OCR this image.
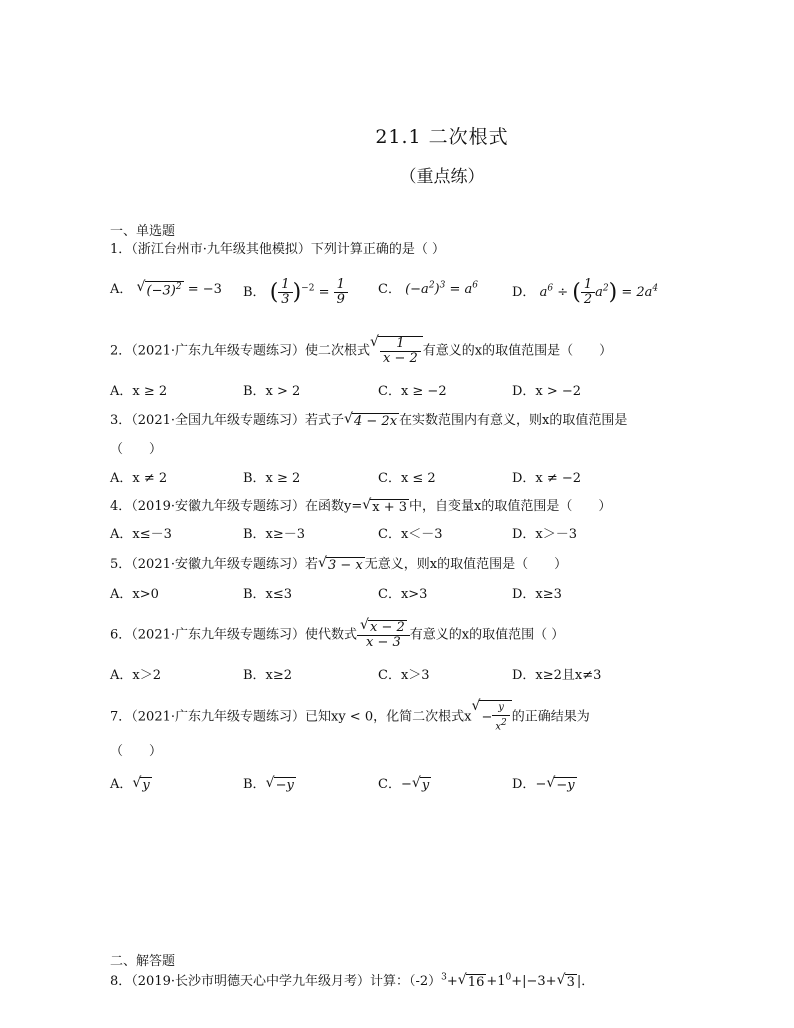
21.1 二次根式
（重点练）
一、单选题
1．（浙江台州市·九年级其他模拟）下列计算正确的是（ ）
A． √ $(-3)^2 = -3$ B． ( $\frac{1}{3} )^{-2} = \frac{1}{9}$ C． $(-a^2)^3 = a^6$	D． $a^6$ ÷ ( $\frac{1}{2} a^2) = 2a^4$
2．（2021·广东九年级专题练习）使二次根式
√ $\frac{1}{x - 2}$ 有意义的x的取值范围是（　　）
A．x ≥ 2	B．x > 2	C．x ≥ −2	D．x > −2
3．（2021·全国九年级专题练习）若式子 √ 4 − 2x 在实数范围内有意义，则x的取值范围是
（　　）
A．x ≠ 2	B．x ≥ 2	C．x ≤ 2	D．x ≠ −2
4．（2019·安徽九年级专题练习）在函数y= √ x + 3 中，自变量x的取值范围是（　　）
A．x≤－3	B．x≥－3	C．x＜－3	D．x＞－3
5．（2021·安徽九年级专题练习）若 √ 3 − x 无意义，则x的取值范围是（　　）
A．x>0	B．x≤3	C．x>3	D．x≥3
6．（2021·广东九年级专题练习）使代数式 $\frac{√ x - 2}{x - 3}$ 有意义的x的取值范围（ ）
A．x＞2	B．x≥2	C．x＞3	D．x≥2且x≠3
7．（2021·广东九年级专题练习）已知xy < 0，化简二次根式x
√
− $\frac{y}{x^2}$ 的正确结果为
（　　）
A． √ y	B． √ −y	C．− √ y	D．− √ −y
二、解答题
8．（2019·长沙市明德天心中学九年级月考）计算：$(-2)^3+$ √ $16 +1^0+|-3+$ √ 3 |．
